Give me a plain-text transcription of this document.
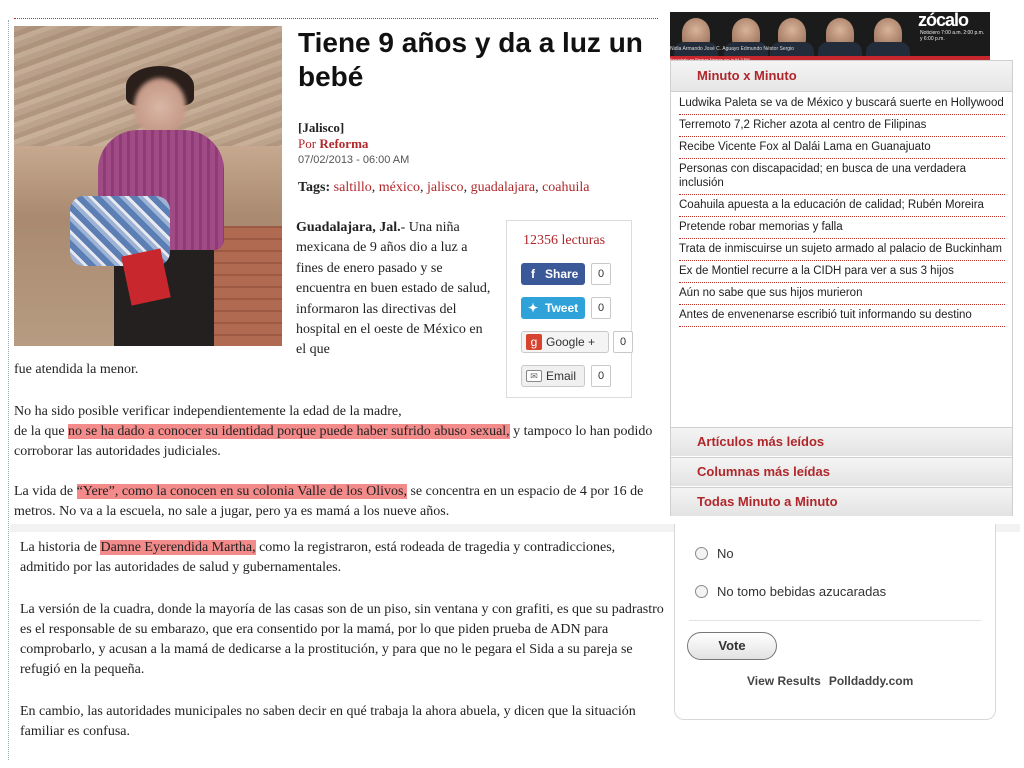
Tiene 9 años y da a luz un bebé
[Jalisco]
Por Reforma
07/02/2013 - 06:00 AM
Tags: saltillo, méxico, jalisco, guadalajara, coahuila
Guadalajara, Jal.- Una niña mexicana de 9 años dio a luz a fines de enero pasado y se encuentra en buen estado de salud, informaron las directivas del hospital en el oeste de México en el que
fue atendida la menor.
12356 lecturas
f Share	0
✦ Tweet	0
g Google +	0
✉ Email	0
No ha sido posible verificar independientemente la edad de la madre,
de la que no se ha dado a conocer su identidad porque puede haber sufrido abuso sexual, y tampoco lo han podido corroborar las autoridades judiciales.
La vida de “Yere”, como la conocen en su colonia Valle de los Olivos, se concentra en un espacio de 4 por 16 de metros. No va a la escuela, no sale a jugar, pero ya es mamá a los nueve años.
La historia de Damne Eyerendida Martha, como la registraron, está rodeada de tragedia y contradicciones, admitido por las autoridades de salud y gubernamentales.
La versión de la cuadra, donde la mayoría de las casas son de un piso, sin ventana y con grafiti, es que su padrastro es el responsable de su embarazo, que era consentido por la mamá, por lo que piden prueba de ADN para comprobarlo, y acusan a la mamá de dedicarse a la prostitución, y para que no le pegara el Sida a su pareja se refugió en la pequeña.
En cambio, las autoridades municipales no saben decir en qué trabaja la ahora abuela, y dicen que la situación familiar es confusa.
Nidia Armando José C. Aguayo Edmundo Néstor Sergio
zócalo
Noticiero 7:00 a.m. 2:00 p.m. y 6:00 p.m.
Minuto x Minuto
Ludwika Paleta se va de México y buscará suerte en Hollywood
Terremoto 7,2 Richer azota al centro de Filipinas
Recibe Vicente Fox al Dalái Lama en Guanajuato
Personas con discapacidad; en busca de una verdadera inclusión
Coahuila apuesta a la educación de calidad; Rubén Moreira
Pretende robar memorias y falla
Trata de inmiscuirse un sujeto armado al palacio de Buckinham
Ex de Montiel recurre a la CIDH para ver a sus 3 hijos
Aún no sabe que sus hijos murieron
Antes de envenenarse escribió tuit informando su destino
Artículos más leídos
Columnas más leídas
Todas Minuto a Minuto
No
No tomo bebidas azucaradas
Vote
View Results Polldaddy.com
